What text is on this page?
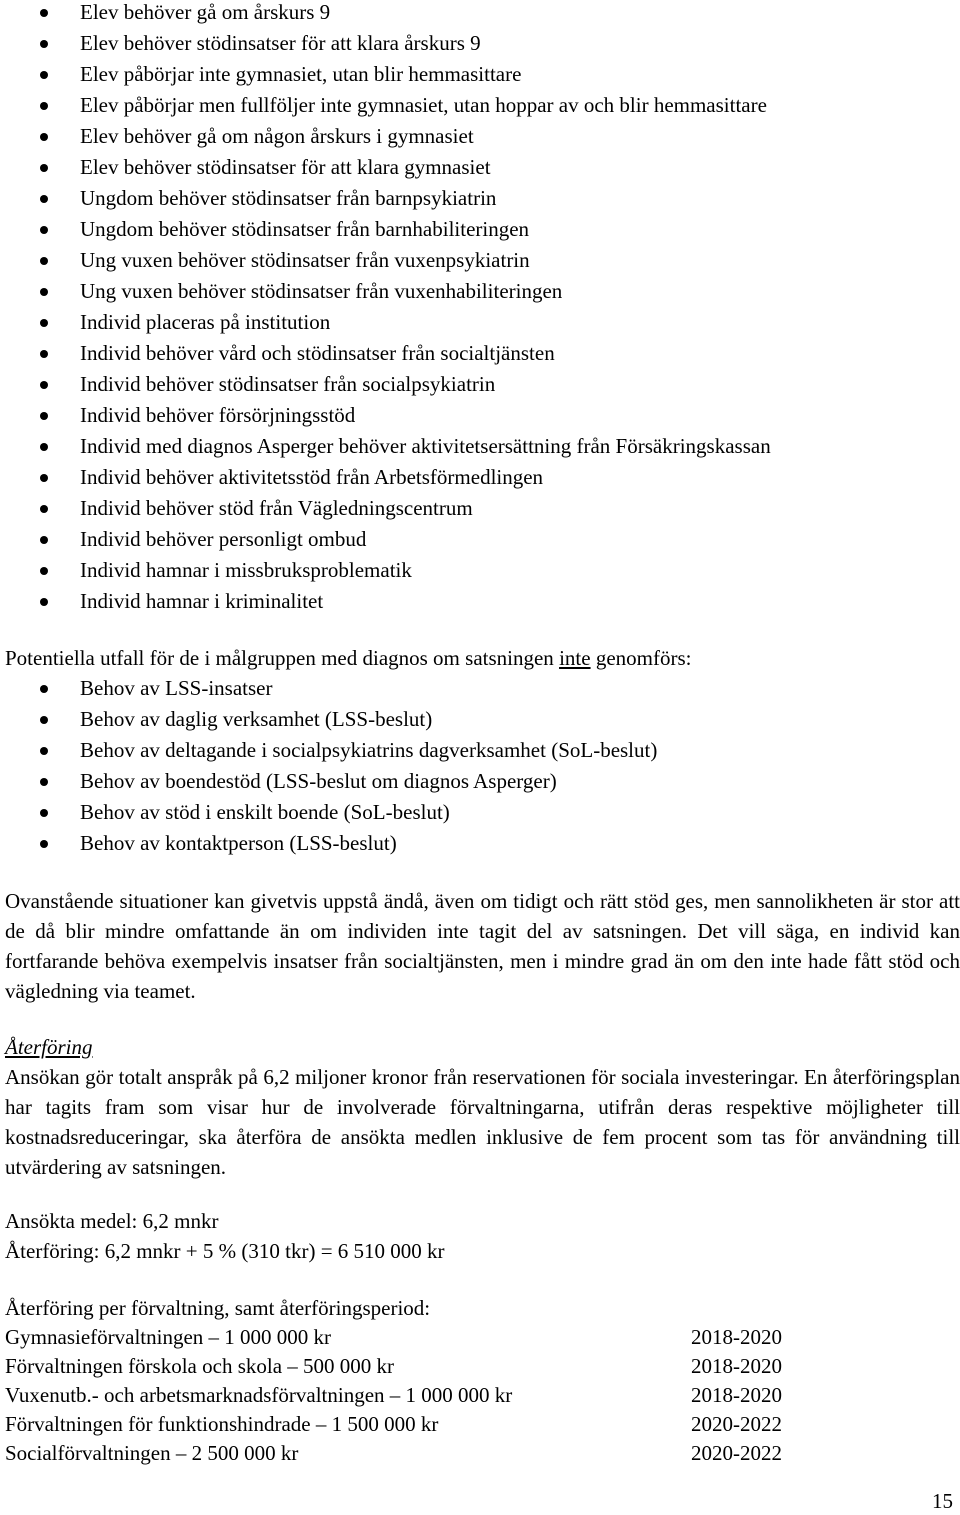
Elev behöver gå om årskurs 9
Elev behöver stödinsatser för att klara årskurs 9
Elev påbörjar inte gymnasiet, utan blir hemmasittare
Elev påbörjar men fullföljer inte gymnasiet, utan hoppar av och blir hemmasittare
Elev behöver gå om någon årskurs i gymnasiet
Elev behöver stödinsatser för att klara gymnasiet
Ungdom behöver stödinsatser från barnpsykiatrin
Ungdom behöver stödinsatser från barnhabiliteringen
Ung vuxen behöver stödinsatser från vuxenpsykiatrin
Ung vuxen behöver stödinsatser från vuxenhabiliteringen
Individ placeras på institution
Individ behöver vård och stödinsatser från socialtjänsten
Individ behöver stödinsatser från socialpsykiatrin
Individ behöver försörjningsstöd
Individ med diagnos Asperger behöver aktivitetsersättning från Försäkringskassan
Individ behöver aktivitetsstöd från Arbetsförmedlingen
Individ behöver stöd från Vägledningscentrum
Individ behöver personligt ombud
Individ hamnar i missbruksproblematik
Individ hamnar i kriminalitet
Potentiella utfall för de i målgruppen med diagnos om satsningen inte genomförs:
Behov av LSS-insatser
Behov av daglig verksamhet (LSS-beslut)
Behov av deltagande i socialpsykiatrins dagverksamhet (SoL-beslut)
Behov av boendestöd (LSS-beslut om diagnos Asperger)
Behov av stöd i enskilt boende (SoL-beslut)
Behov av kontaktperson (LSS-beslut)
Ovanstående situationer kan givetvis uppstå ändå, även om tidigt och rätt stöd ges, men sannolikheten är stor att de då blir mindre omfattande än om individen inte tagit del av satsningen. Det vill säga, en individ kan fortfarande behöva exempelvis insatser från socialtjänsten, men i mindre grad än om den inte hade fått stöd och vägledning via teamet.
Återföring
Ansökan gör totalt anspråk på 6,2 miljoner kronor från reservationen för sociala investeringar. En återföringsplan har tagits fram som visar hur de involverade förvaltningarna, utifrån deras respektive möjligheter till kostnadsreduceringar, ska återföra de ansökta medlen inklusive de fem procent som tas för användning till utvärdering av satsningen.
Ansökta medel: 6,2 mnkr
Återföring: 6,2 mnkr + 5 % (310 tkr) = 6 510 000 kr
Återföring per förvaltning, samt återföringsperiod:
Gymnasieförvaltningen – 1 000 000 kr	2018-2020
Förvaltningen förskola och skola – 500 000 kr	2018-2020
Vuxenutb.- och arbetsmarknadsförvaltningen – 1 000 000 kr	2018-2020
Förvaltningen för funktionshindrade – 1 500 000 kr	2020-2022
Socialförvaltningen – 2 500 000 kr	2020-2022
15
